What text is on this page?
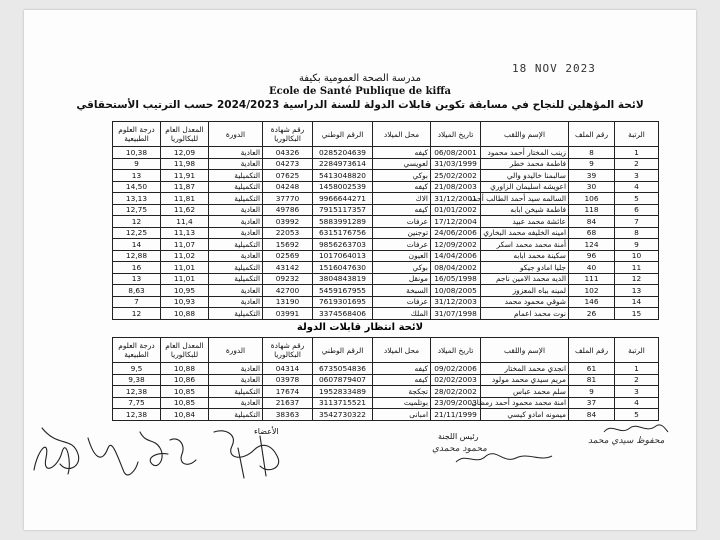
18 NOV 2023
مدرسة الصحة العمومية بكيفة
Ecole de Santé Publique de kiffa
لائحة المؤهلين للنجاح في مسابقة تكوين قابلات الدولة للسنة الدراسية 2024/2023 حسب الترتيب الأستحقاقي
الرتبة	رقم الملف	الإسم واللقب	تاريخ الميلاد	محل الميلاد	الرقم الوطني	رقم شهادة البكالوريا	الدورة	المعدل العام للبكالوريا	درجة العلوم الطبيعية
1	8	زينب المختار أحمد محمود	06/08/2001	كيفه	0285204639	04326	العادية	12,09	10,38
2	9	فاطمة محمد خطر	31/03/1999	لعويسي	2284973614	04273	العادية	11,98	9
3	39	سالبمنا خاليدو والي	25/02/2002	بوكي	5413048820	07625	التكميلية	11,91	13
4	30	اعويشه اسليمان الزاوري	21/08/2003	كيفه	1458002539	04248	التكميلية	11,87	14,50
5	106	السالمه سيد أحمد الطالب أحمد	31/12/2001	الاك	9966644271	37770	التكميلية	11,81	13,13
6	118	فاطمة شيخن ابابه	01/01/2002	كيفه	7915117357	49786	العادية	11,62	12,75
7	84	عائشة محمد عبيد	17/12/2004	عرفات	5883991289	03992	العادية	11,4	12
8	68	امينه الخليفه محمد البخاري	24/06/2006	توجنين	6315176756	22053	العادية	11,13	12,25
9	124	أمنة محمد محمد اسكر	12/09/2002	عرفات	9856263703	15692	التكميلية	11,07	14
10	96	سكينة محمد ابابه	14/04/2006	العيون	1017064013	02569	العادية	11,02	12,88
11	40	جليا امادو جيكو	08/04/2002	بوكي	1516047630	43142	التكميلية	11,01	16
12	111	الديه محمد الامين ناجم	16/05/1998	مونقل	3804843819	09232	التكميلية	11,01	13
13	102	لمينه بباه المعزوز	10/08/2005	السبخة	5459167955	42700	العادية	10,95	8,63
14	146	شوقي محمود محمد	31/12/2003	عرفات	7619301695	13190	العادية	10,93	7
15	26	نوت محمد اعمام	31/07/1998	الملك	3374568406	03991	التكميلية	10,88	12
لائحة انتظار قابلات الدولة
الرتبة	رقم الملف	الإسم واللقب	تاريخ الميلاد	محل الميلاد	الرقم الوطني	رقم شهادة البكالوريا	الدورة	المعدل العام للبكالوريا	درجة العلوم الطبيعية
1	61	انجدي محمد المختار	09/02/2006	كيفه	6735054836	04314	العادية	10,88	9,5
2	81	مريم سيدي محمد مولود	02/02/2003	كيفه	0607879407	03978	العادية	10,86	9,38
3	9	سلم محمد عباس	28/02/2002	تجكجة	1952833489	17674	التكميلية	10,85	12,38
4	37	امنة محمد محمود أحمد رمظان	23/09/2003	بوتلميت	3113715521	21637	العادية	10,85	7,75
5	84	ميمونه امادو كيسي	21/11/1999	امبانى	3542730322	38363	التكميلية	10,84	12,38
الأعضاء
رئيس اللجنة
محمود محمدي
محفوظ سيدي محمد
